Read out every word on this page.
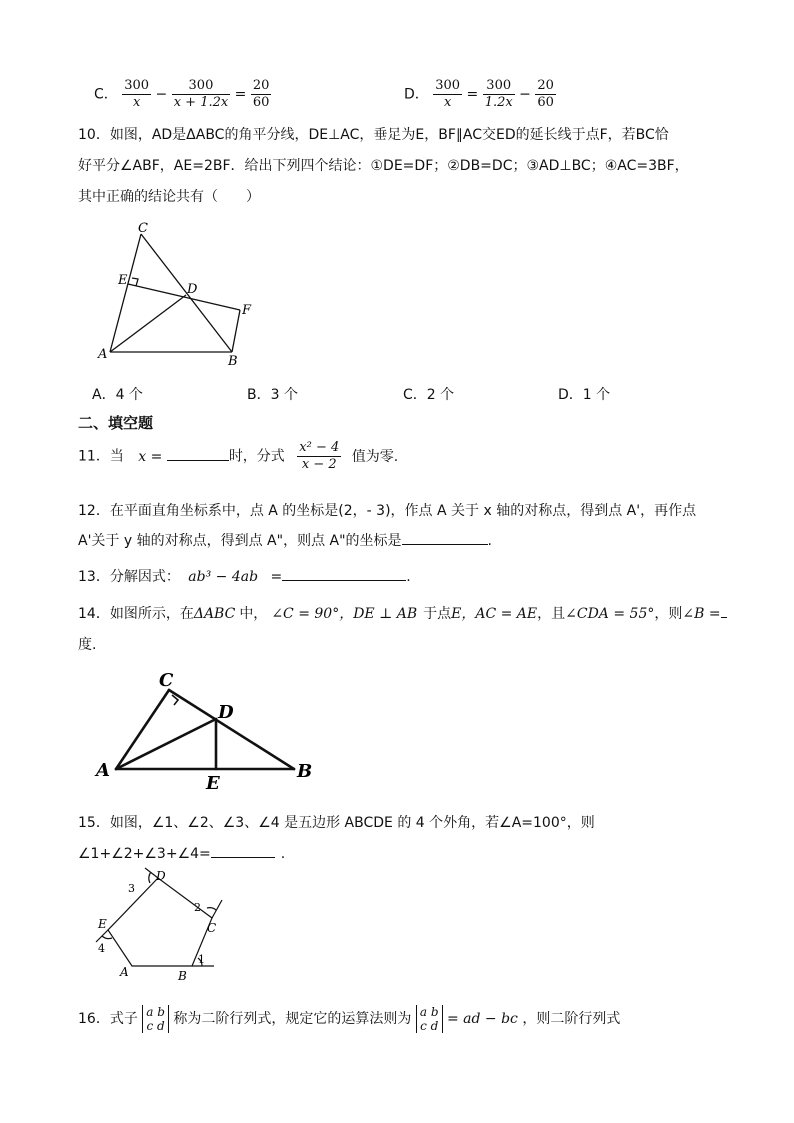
C． $\frac{300}{x} - \frac{300}{x + 1.2x} = \frac{20}{60}$	D． $\frac{300}{x} = \frac{300}{1.2x} - \frac{20}{60}$
10．如图，AD是ΔABC的角平分线，DE⊥AC，垂足为E，BF∥AC交ED的延长线于点F，若BC恰
好平分∠ABF，AE=2BF．给出下列四个结论：①DE=DF；②DB=DC；③AD⊥BC；④AC=3BF，
其中正确的结论共有（　　）
C
E
D
F
A	B
A．4 个	B．3 个	C．2 个	D．1 个
二、填空题
11．当 x =	时，分式 $\frac{\text{x² − 4}}{x - 2}$ 值为零.
12．在平面直角坐标系中，点 A 的坐标是(2，- 3)，作点 A 关于 x 轴的对称点，得到点 A'，再作点
A'关于 y 轴的对称点，得到点 A"，则点 A"的坐标是	.
13．分解因式： ab³ − 4ab =	.
14．如图所示，在ΔABC 中， ∠C = 90°，DE ⊥ AB 于点E，AC = AE，且∠CDA = 55°，则∠B =
度.
C
D
A
E
B
15．如图，∠1、∠2、∠3、∠4 是五边形 ABCDE 的 4 个外角，若∠A=100°，则
∠1+∠2+∠3+∠4=	.
D
C
E
A	B
1
2
3
4
16．式子 a b
c d 称为二阶行列式，规定它的运算法则为 a b
c d = ad − bc ，则二阶行列式
